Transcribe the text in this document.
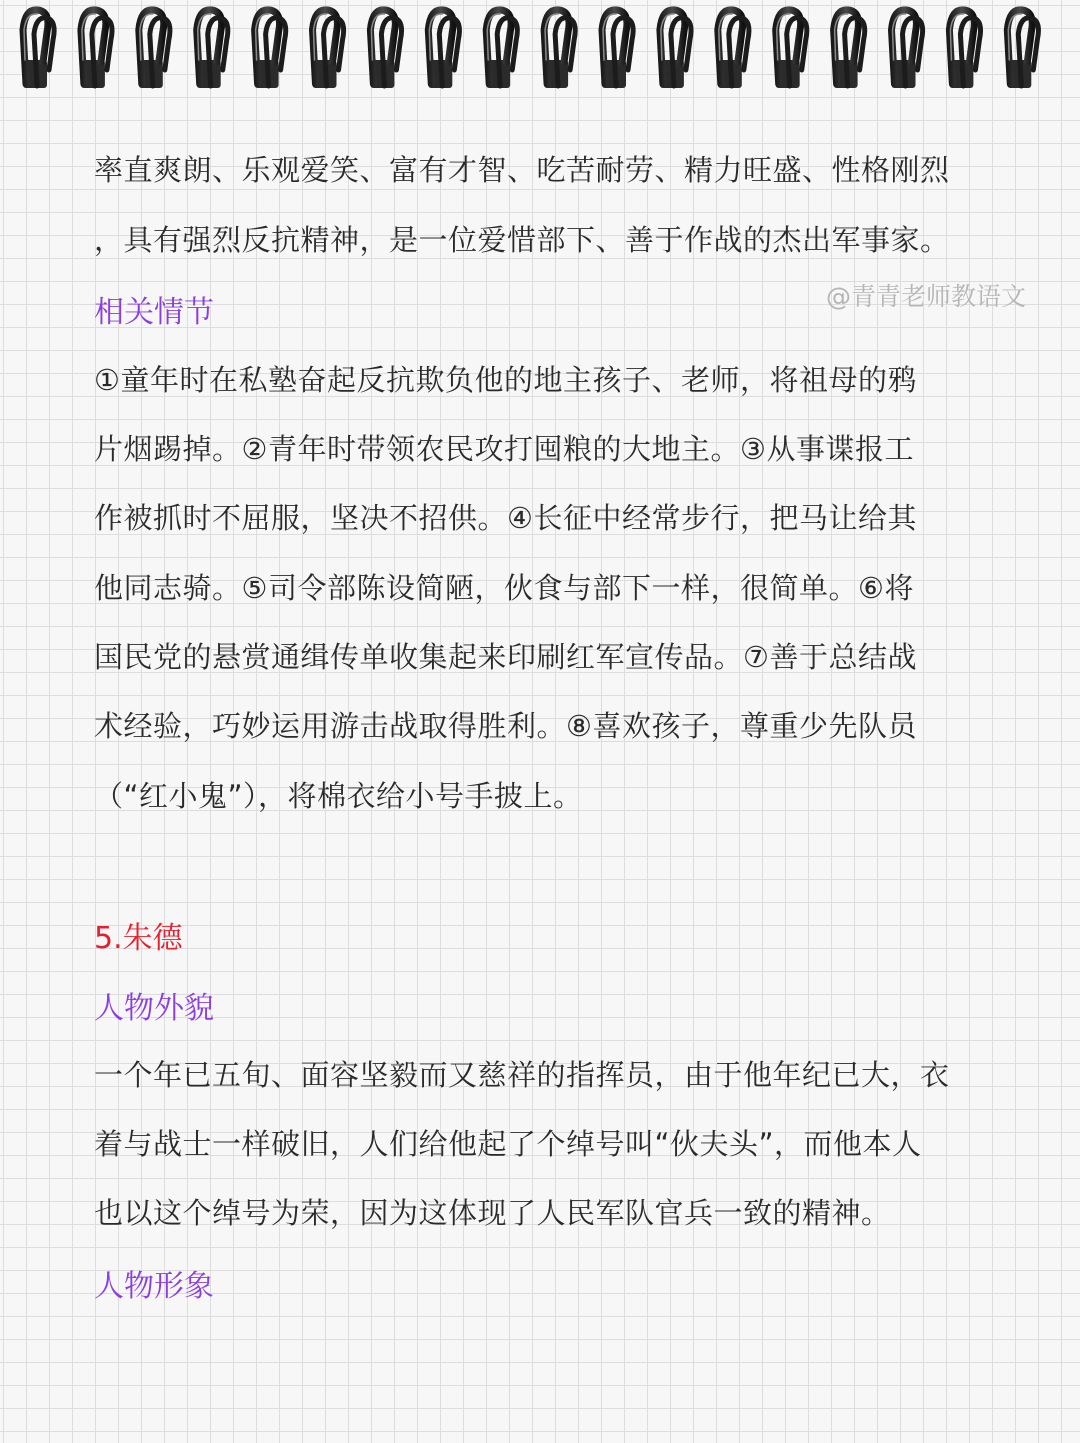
@青青老师教语文
率直爽朗、乐观爱笑、富有才智、吃苦耐劳、精力旺盛、性格刚烈
，具有强烈反抗精神，是一位爱惜部下、善于作战的杰出军事家。
相关情节
①童年时在私塾奋起反抗欺负他的地主孩子、老师，将祖母的鸦
片烟踢掉。②青年时带领农民攻打囤粮的大地主。③从事谍报工
作被抓时不屈服，坚决不招供。④长征中经常步行，把马让给其
他同志骑。⑤司令部陈设简陋，伙食与部下一样，很简单。⑥将
国民党的悬赏通缉传单收集起来印刷红军宣传品。⑦善于总结战
术经验，巧妙运用游击战取得胜利。⑧喜欢孩子，尊重少先队员
（“红小鬼”），将棉衣给小号手披上。
5.朱德
人物外貌
一个年已五旬、面容坚毅而又慈祥的指挥员，由于他年纪已大，衣
着与战士一样破旧，人们给他起了个绰号叫“伙夫头”，而他本人
也以这个绰号为荣，因为这体现了人民军队官兵一致的精神。
人物形象
